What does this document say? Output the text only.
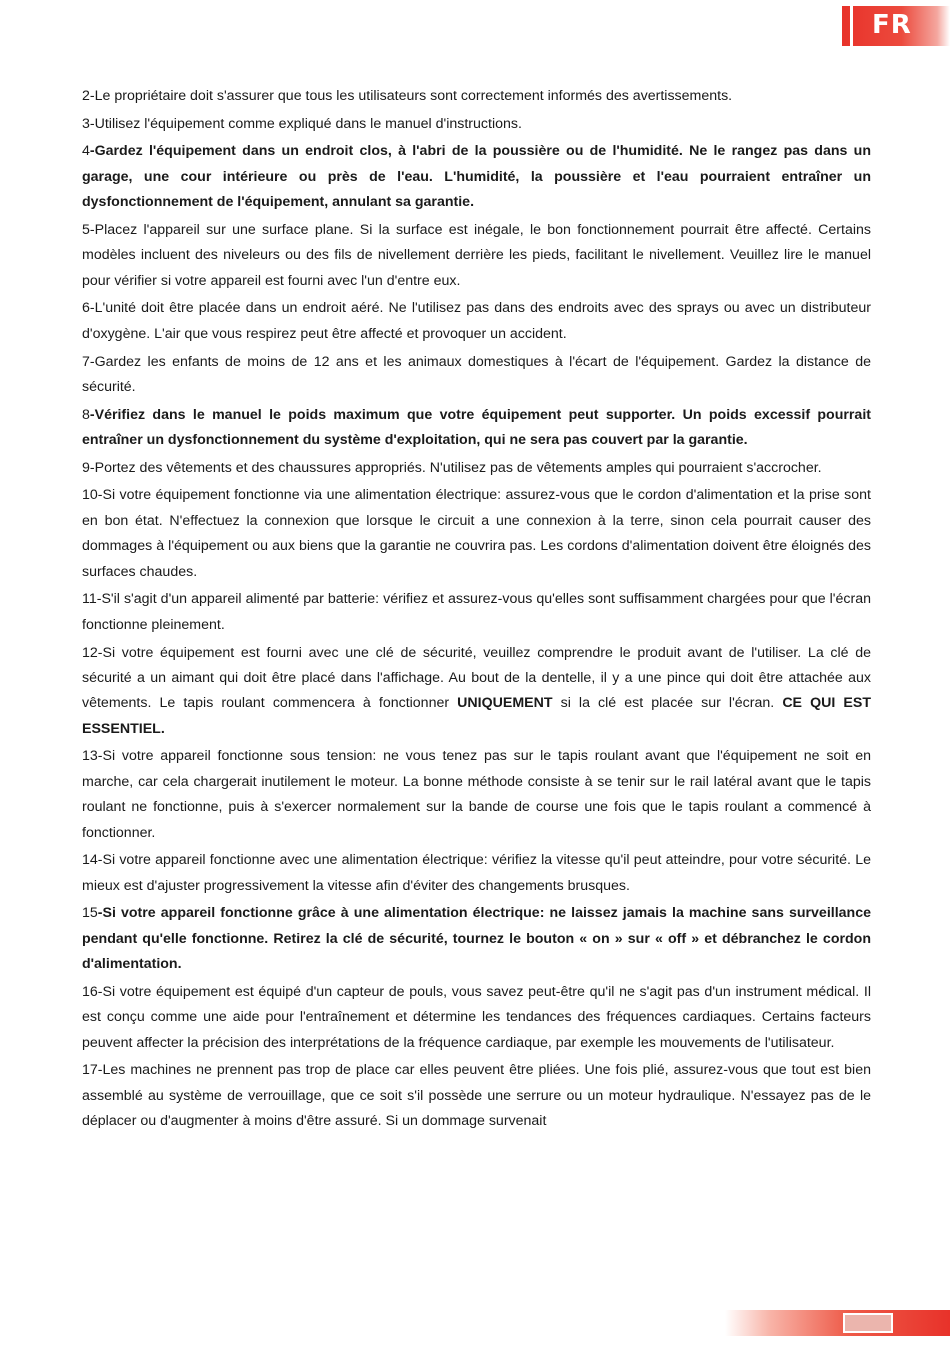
FR

2-Le propriétaire doit s'assurer que tous les utilisateurs sont correctement informés des avertissements.

3-Utilisez l'équipement comme expliqué dans le manuel d'instructions.

4-Gardez l'équipement dans un endroit clos, à l'abri de la poussière ou de l'humidité. Ne le rangez pas dans un garage, une cour intérieure ou près de l'eau. L'humidité, la poussière et l'eau pourraient entraîner un dysfonctionnement de l'équipement, annulant sa garantie.

5-Placez l'appareil sur une surface plane. Si la surface est inégale, le bon fonctionnement pourrait être affecté. Certains modèles incluent des niveleurs ou des fils de nivellement derrière les pieds, facilitant le nivellement. Veuillez lire le manuel pour vérifier si votre appareil est fourni avec l'un d'entre eux.

6-L'unité doit être placée dans un endroit aéré. Ne l'utilisez pas dans des endroits avec des sprays ou avec un distributeur d'oxygène. L'air que vous respirez peut être affecté et provoquer un accident.

7-Gardez les enfants de moins de 12 ans et les animaux domestiques à l'écart de l'équipement. Gardez la distance de sécurité.

8-Vérifiez dans le manuel le poids maximum que votre équipement peut supporter. Un poids excessif pourrait entraîner un dysfonctionnement du système d'exploitation, qui ne sera pas couvert par la garantie.

9-Portez des vêtements et des chaussures appropriés. N'utilisez pas de vêtements amples qui pourraient s'accrocher.

10-Si votre équipement fonctionne via une alimentation électrique: assurez-vous que le cordon d'alimentation et la prise sont en bon état. N'effectuez la connexion que lorsque le circuit a une connexion à la terre, sinon cela pourrait causer des dommages à l'équipement ou aux biens que la garantie ne couvrira pas. Les cordons d'alimentation doivent être éloignés des surfaces chaudes.

11-S'il s'agit d'un appareil alimenté par batterie: vérifiez et assurez-vous qu'elles sont suffisamment chargées pour que l'écran fonctionne pleinement.

12-Si votre équipement est fourni avec une clé de sécurité, veuillez comprendre le produit avant de l'utiliser. La clé de sécurité a un aimant qui doit être placé dans l'affichage. Au bout de la dentelle, il y a une pince qui doit être attachée aux vêtements. Le tapis roulant commencera à fonctionner UNIQUEMENT si la clé est placée sur l'écran. CE QUI EST ESSENTIEL.

13-Si votre appareil fonctionne sous tension: ne vous tenez pas sur le tapis roulant avant que l'équipement ne soit en marche, car cela chargerait inutilement le moteur. La bonne méthode consiste à se tenir sur le rail latéral avant que le tapis roulant ne fonctionne, puis à s'exercer normalement sur la bande de course une fois que le tapis roulant a commencé à fonctionner.

14-Si votre appareil fonctionne avec une alimentation électrique: vérifiez la vitesse qu'il peut atteindre, pour votre sécurité. Le mieux est d'ajuster progressivement la vitesse afin d'éviter des changements brusques.

15-Si votre appareil fonctionne grâce à une alimentation électrique: ne laissez jamais la machine sans surveillance pendant qu'elle fonctionne. Retirez la clé de sécurité, tournez le bouton « on » sur « off » et débranchez le cordon d'alimentation.

16-Si votre équipement est équipé d'un capteur de pouls, vous savez peut-être qu'il ne s'agit pas d'un instrument médical. Il est conçu comme une aide pour l'entraînement et détermine les tendances des fréquences cardiaques. Certains facteurs peuvent affecter la précision des interprétations de la fréquence cardiaque, par exemple les mouvements de l'utilisateur.

17-Les machines ne prennent pas trop de place car elles peuvent être pliées. Une fois plié, assurez-vous que tout est bien assemblé au système de verrouillage, que ce soit s'il possède une serrure ou un moteur hydraulique. N'essayez pas de le déplacer ou d'augmenter à moins d'être assuré. Si un dommage survenait
